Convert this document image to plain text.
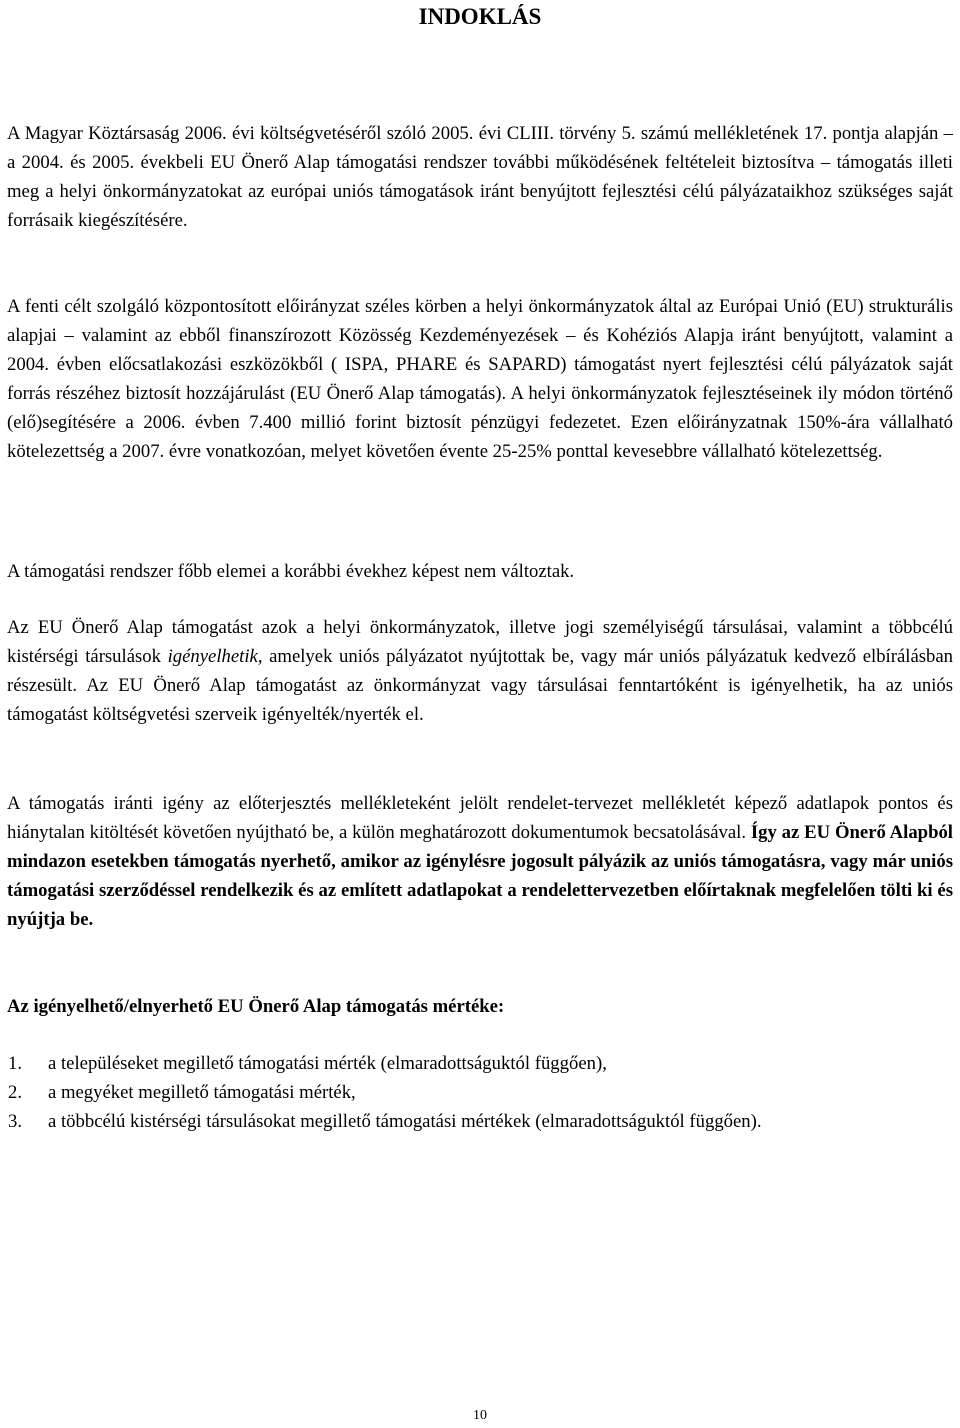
INDOKLÁS

A Magyar Köztársaság 2006. évi költségvetéséről szóló 2005. évi CLIII. törvény 5. számú mellékletének 17. pontja alapján – a 2004. és 2005. évekbeli EU Önerő Alap támogatási rendszer további működésének feltételeit biztosítva – támogatás illeti meg a helyi önkormányzatokat az európai uniós támogatások iránt benyújtott fejlesztési célú pályázataikhoz szükséges saját forrásaik kiegészítésére.

A fenti célt szolgáló központosított előirányzat széles körben a helyi önkormányzatok által az Európai Unió (EU) strukturális alapjai – valamint az ebből finanszírozott Közösség Kezdeményezések – és Kohéziós Alapja iránt benyújtott, valamint a 2004. évben előcsatlakozási eszközökből ( ISPA, PHARE és SAPARD) támogatást nyert fejlesztési célú pályázatok saját forrás részéhez biztosít hozzájárulást (EU Önerő Alap támogatás). A helyi önkormányzatok fejlesztéseinek ily módon történő (elő)segítésére a 2006. évben 7.400 millió forint biztosít pénzügyi fedezetet. Ezen előirányzatnak 150%-ára vállalható kötelezettség a 2007. évre vonatkozóan, melyet követően évente 25-25% ponttal kevesebbre vállalható kötelezettség.

A támogatási rendszer főbb elemei a korábbi évekhez képest nem változtak.

Az EU Önerő Alap támogatást azok a helyi önkormányzatok, illetve jogi személyiségű társulásai, valamint a többcélú kistérségi társulások igényelhetik, amelyek uniós pályázatot nyújtottak be, vagy már uniós pályázatuk kedvező elbírálásban részesült. Az EU Önerő Alap támogatást az önkormányzat vagy társulásai fenntartóként is igényelhetik, ha az uniós támogatást költségvetési szerveik igényelték/nyerték el.

A támogatás iránti igény az előterjesztés mellékleteként jelölt rendelet-tervezet mellékletét képező adatlapok pontos és hiánytalan kitöltését követően nyújtható be, a külön meghatározott dokumentumok becsatolásával. Így az EU Önerő Alapból mindazon esetekben támogatás nyerhető, amikor az igénylésre jogosult pályázik az uniós támogatásra, vagy már uniós támogatási szerződéssel rendelkezik és az említett adatlapokat a rendelettervezetben előírtaknak megfelelően tölti ki és nyújtja be.

Az igényelhető/elnyerhető EU Önerő Alap támogatás mértéke:

1. a településeket megillető támogatási mérték (elmaradottságuktól függően),
2. a megyéket megillető támogatási mérték,
3. a többcélú kistérségi társulásokat megillető támogatási mértékek (elmaradottságuktól függően).
10
